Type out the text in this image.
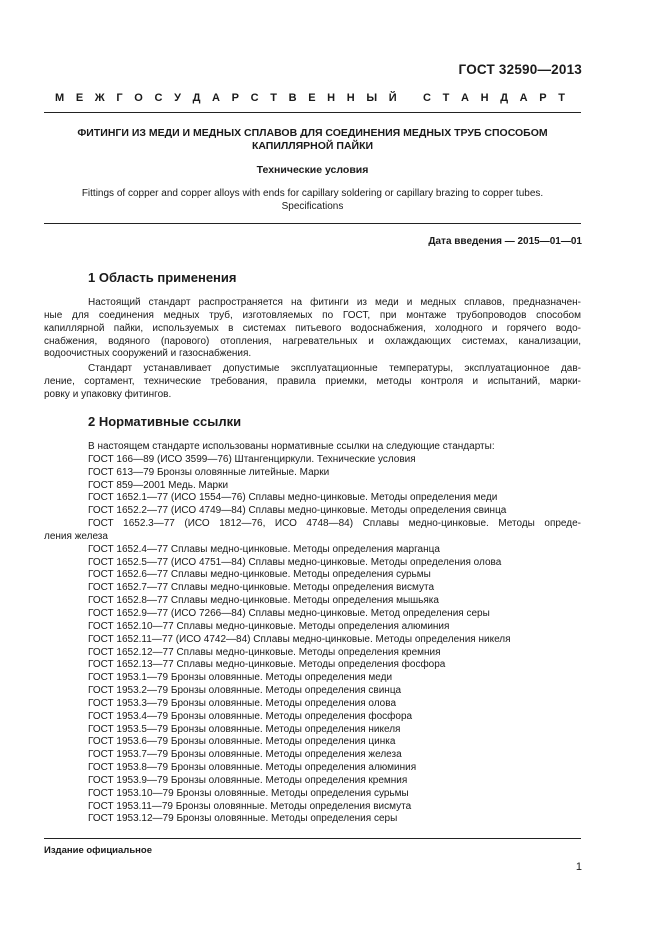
ГОСТ 32590—2013
М Е Ж Г О С У Д А Р С Т В Е Н Н Ы Й
С Т А Н Д А Р Т
ФИТИНГИ ИЗ МЕДИ И МЕДНЫХ СПЛАВОВ ДЛЯ СОЕДИНЕНИЯ МЕДНЫХ ТРУБ СПОСОБОМ
КАПИЛЛЯРНОЙ ПАЙКИ
Технические условия
Fittings of copper and copper alloys with ends for capillary soldering or capillary brazing to copper tubes.
Specifications
Дата введения — 2015—01—01
1 Область применения
Настоящий стандарт распространяется на фитинги из меди и медных сплавов, предназначен-
ные для соединения медных труб, изготовляемых по ГОСТ, при монтаже трубопроводов способом
капиллярной пайки, используемых в системах питьевого водоснабжения, холодного и горячего водо-
снабжения, водяного (парового) отопления, нагревательных и охлаждающих системах, канализации,
водоочистных сооружений и газоснабжения.
Стандарт устанавливает допустимые эксплуатационные температуры, эксплуатационное дав-
ление, сортамент, технические требования, правила приемки, методы контроля и испытаний, марки-
ровку и упаковку фитингов.
2 Нормативные ссылки
В настоящем стандарте использованы нормативные ссылки на следующие стандарты:
ГОСТ 166—89 (ИСО 3599—76) Штангенциркули. Технические условия
ГОСТ 613—79 Бронзы оловянные литейные. Марки
ГОСТ 859—2001 Медь. Марки
ГОСТ 1652.1—77 (ИСО 1554—76) Сплавы медно-цинковые. Методы определения меди
ГОСТ 1652.2—77 (ИСО 4749—84) Сплавы медно-цинковые. Методы определения свинца
ГОСТ 1652.3—77 (ИСО 1812—76, ИСО 4748—84) Сплавы медно-цинковые. Методы опреде-
ления железа
ГОСТ 1652.4—77 Сплавы медно-цинковые. Методы определения марганца
ГОСТ 1652.5—77 (ИСО 4751—84) Сплавы медно-цинковые. Методы определения олова
ГОСТ 1652.6—77 Сплавы медно-цинковые. Методы определения сурьмы
ГОСТ 1652.7—77 Сплавы медно-цинковые. Методы определения висмута
ГОСТ 1652.8—77 Сплавы медно-цинковые. Методы определения мышьяка
ГОСТ 1652.9—77 (ИСО 7266—84) Сплавы медно-цинковые. Метод определения серы
ГОСТ 1652.10—77 Сплавы медно-цинковые. Методы определения алюминия
ГОСТ 1652.11—77 (ИСО 4742—84) Сплавы медно-цинковые. Методы определения никеля
ГОСТ 1652.12—77 Сплавы медно-цинковые. Методы определения кремния
ГОСТ 1652.13—77 Сплавы медно-цинковые. Методы определения фосфора
ГОСТ 1953.1—79 Бронзы оловянные. Методы определения меди
ГОСТ 1953.2—79 Бронзы оловянные. Методы определения свинца
ГОСТ 1953.3—79 Бронзы оловянные. Методы определения олова
ГОСТ 1953.4—79 Бронзы оловянные. Методы определения фосфора
ГОСТ 1953.5—79 Бронзы оловянные. Методы определения никеля
ГОСТ 1953.6—79 Бронзы оловянные. Методы определения цинка
ГОСТ 1953.7—79 Бронзы оловянные. Методы определения железа
ГОСТ 1953.8—79 Бронзы оловянные. Методы определения алюминия
ГОСТ 1953.9—79 Бронзы оловянные. Методы определения кремния
ГОСТ 1953.10—79 Бронзы оловянные. Методы определения сурьмы
ГОСТ 1953.11—79 Бронзы оловянные. Методы определения висмута
ГОСТ 1953.12—79 Бронзы оловянные. Методы определения серы
Издание официальное
1
